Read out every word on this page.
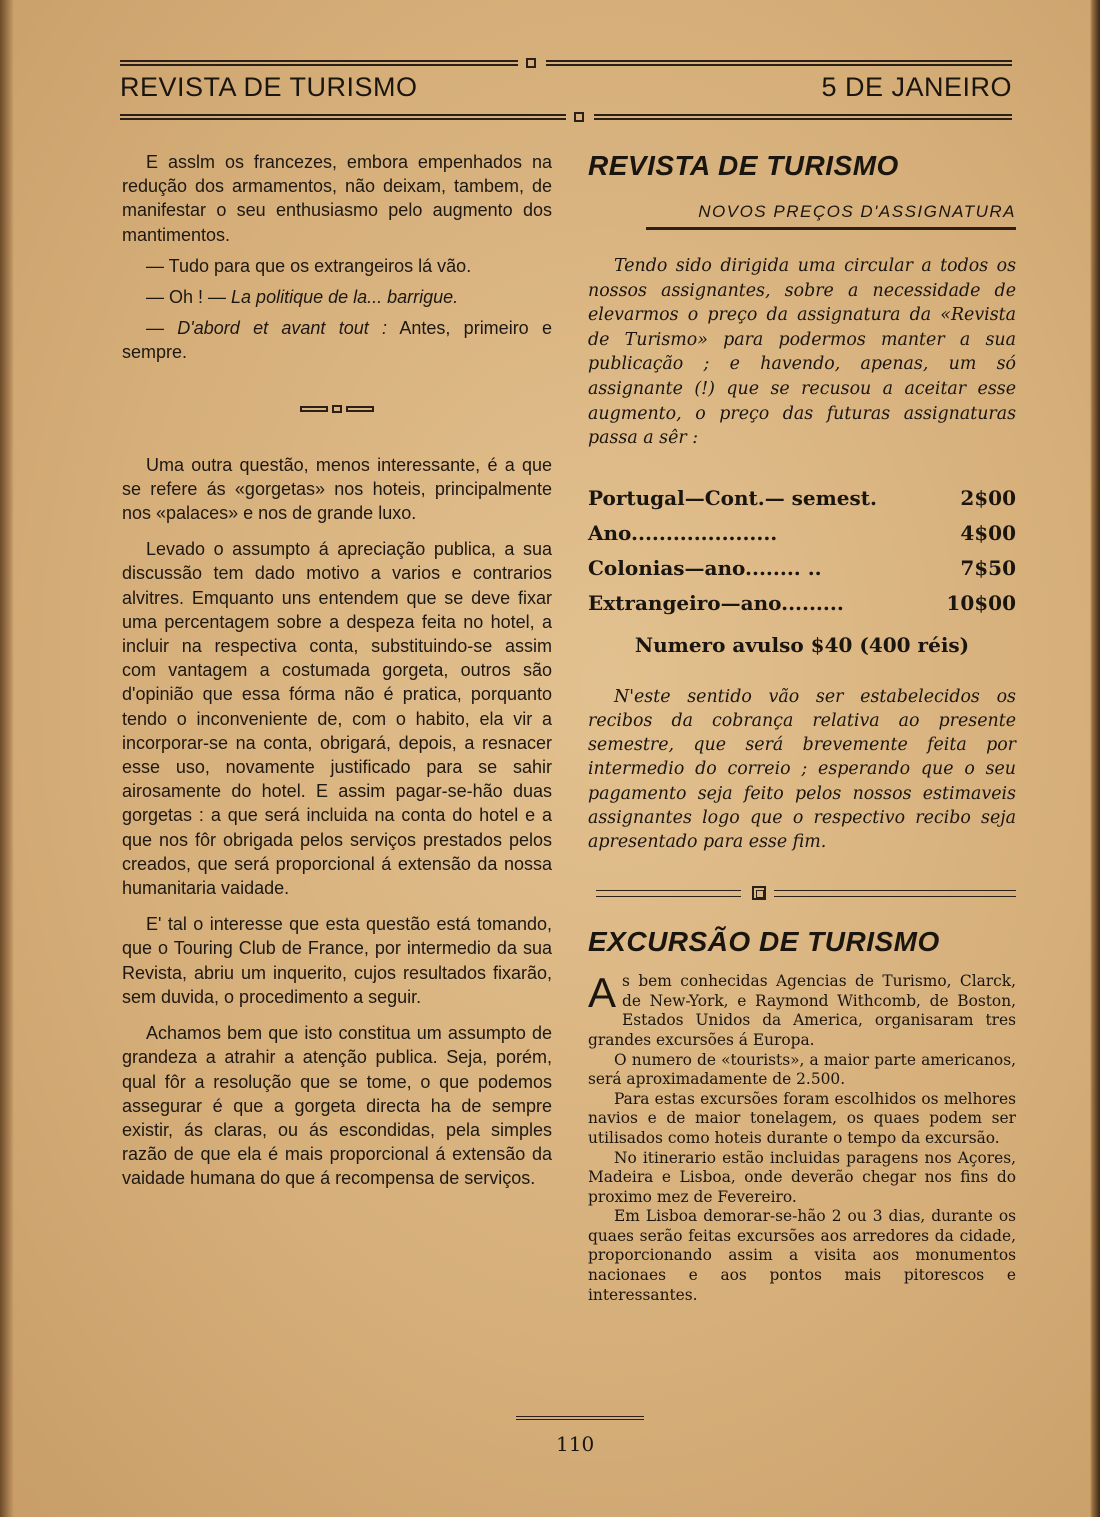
REVISTA DE TURISMO	5 DE JANEIRO

E asslm os francezes, embora empenhados na redução dos armamentos, não deixam, tambem, de manifestar o seu enthusiasmo pelo augmento dos mantimentos.

— Tudo para que os extrangeiros lá vão.

— Oh ! — La politique de la... barrigue.

— D'abord et avant tout : Antes, primeiro e sempre.

Uma outra questão, menos interessante, é a que se refere ás «gorgetas» nos hoteis, principalmente nos «palaces» e nos de grande luxo.

Levado o assumpto á apreciação publica, a sua discussão tem dado motivo a varios e contrarios alvitres. Emquanto uns entendem que se deve fixar uma percentagem sobre a despeza feita no hotel, a incluir na respectiva conta, substituindo-se assim com vantagem a costumada gorgeta, outros são d'opinião que essa fórma não é pratica, porquanto tendo o inconveniente de, com o habito, ela vir a incorporar-se na conta, obrigará, depois, a resnacer esse uso, novamente justificado para se sahir airosamente do hotel. E assim pagar-se-hão duas gorgetas : a que será incluida na conta do hotel e a que nos fôr obrigada pelos serviços prestados pelos creados, que será proporcional á extensão da nossa humanitaria vaidade.

E' tal o interesse que esta questão está tomando, que o Touring Club de France, por intermedio da sua Revista, abriu um inquerito, cujos resultados fixarão, sem duvida, o procedimento a seguir.

Achamos bem que isto constitua um assumpto de grandeza a atrahir a atenção publica. Seja, porém, qual fôr a resolução que se tome, o que podemos assegurar é que a gorgeta directa ha de sempre existir, ás claras, ou ás escondidas, pela simples razão de que ela é mais proporcional á extensão da vaidade humana do que á recompensa de serviços.

REVISTA DE TURISMO
NOVOS PREÇOS D'ASSIGNATURA

Tendo sido dirigida uma circular a todos os nossos assignantes, sobre a necessidade de elevarmos o preço da assignatura da «Revista de Turismo» para podermos manter a sua publicação ; e havendo, apenas, um só assignante (!) que se recusou a aceitar esse augmento, o preço das futuras assignaturas passa a sêr :

Portugal—Cont.— semest.	2$00
Ano.....................	4$00
Colonias—ano........ ..	7$50
Extrangeiro—ano.........	10$00
Numero avulso $40 (400 réis)

N'este sentido vão ser estabelecidos os recibos da cobrança relativa ao presente semestre, que será brevemente feita por intermedio do correio ; esperando que o seu pagamento seja feito pelos nossos estimaveis assignantes logo que o respectivo recibo seja apresentado para esse fim.

EXCURSÃO DE TURISMO

As bem conhecidas Agencias de Turismo, Clarck, de New-York, e Raymond Withcomb, de Boston, Estados Unidos da America, organisaram tres grandes excursões á Europa.

O numero de «tourists», a maior parte americanos, será aproximadamente de 2.500.

Para estas excursões foram escolhidos os melhores navios e de maior tonelagem, os quaes podem ser utilisados como hoteis durante o tempo da excursão.

No itinerario estão incluidas paragens nos Açores, Madeira e Lisboa, onde deverão chegar nos fins do proximo mez de Fevereiro.

Em Lisboa demorar-se-hão 2 ou 3 dias, durante os quaes serão feitas excursões aos arredores da cidade, proporcionando assim a visita aos monumentos nacionaes e aos pontos mais pitorescos e interessantes.

110
